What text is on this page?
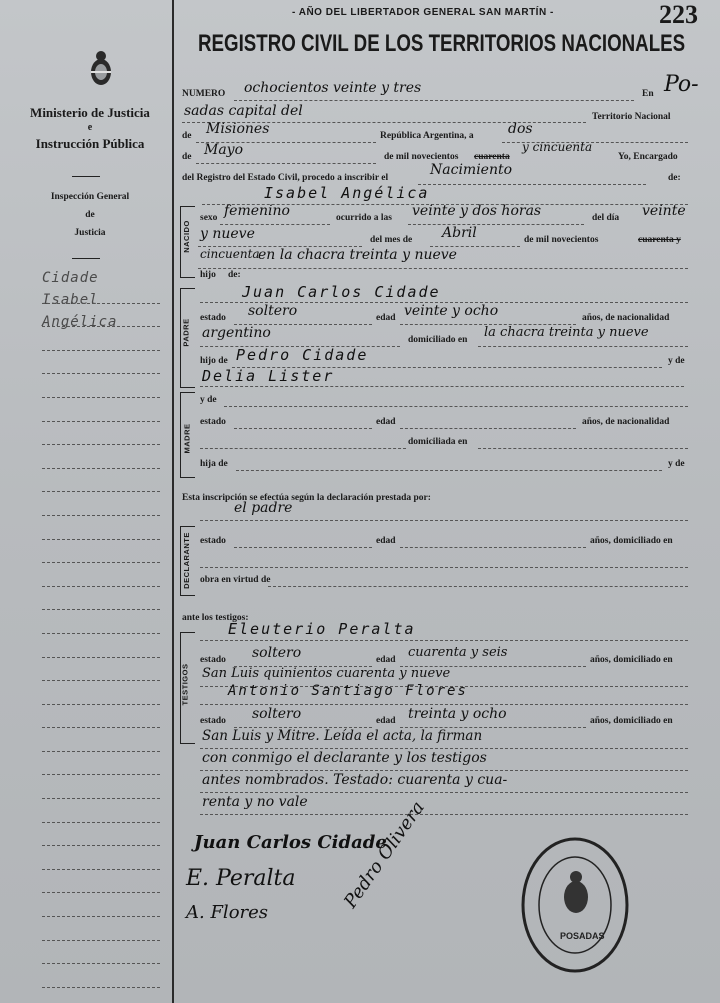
Ministerio de Justicia
e
Instrucción Pública
Inspección General
de
Justicia
Cidade
Isabel
Angélica
- AÑO DEL LIBERTADOR GENERAL SAN MARTÍN -	223
REGISTRO CIVIL DE LOS TERRITORIOS NACIONALES
NUMERO ochocientos veinte y tres	En Po-
sadas capital del	Territorio Nacional
de Misiones	República Argentina, a dos
de Mayo	de mil novecientos cuarenta
y cincuenta
Yo, Encargado
del Registro del Estado Civil, procedo a inscribir el	Nacimiento	de:
Isabel Angélica
NACIDO
sexo femenino	ocurrido a las veinte y dos horas	del día veinte
y nueve	del mes de Abril	de mil novecientos	cuarenta y
cincuenta
en la chacra treinta y nueve
hijo de:
PADRE
Juan Carlos Cidade
estado soltero	edad veinte y ocho	años, de nacionalidad
argentino	domiciliado en la chacra treinta y nueve
hijo de Pedro Cidade	y de
Delia Lister
MADRE
y de
estado	edad	años, de nacionalidad
domiciliada en
hija de	y de
Esta inscripción se efectúa según la declaración prestada por:
el padre
DECLARANTE estado	edad	años, domiciliado en
obra en virtud de
ante los testigos:
TESTIGOS
Eleuterio Peralta
estado soltero	edad cuarenta y seis	años, domiciliado en
San Luis quinientos cuarenta y nueve
Antonio Santiago Flores
estado soltero	edad treinta y ocho	años, domiciliado en
San Luis y Mitre. Leída el acta, la firman
con conmigo el declarante y los testigos
antes nombrados. Testado: cuarenta y cua-
renta y no vale
Juan Carlos Cidade
E. Peralta
A. Flores
Pedro Olivera
POSADAS
